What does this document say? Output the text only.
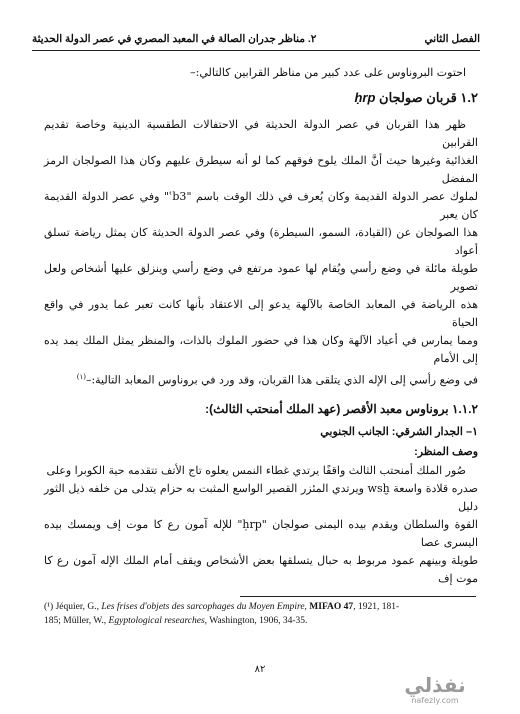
الفصل الثاني
٢. مناظر جدران الصالة في المعبد المصري في عصر الدولة الحديثة
احتوت البروناوس على عدد كبير من مناظر القرابين كالتالي:–
١.٢ قربان صولجان ḥrp
ظهر هذا القربان في عصر الدولة الحديثة في الاحتفالات الطقسية الدينية وخاصة تقديم القرابين
الغذائية وغيرها حيث أنَّ الملك يلوح فوقهم كما لو أنه سيطرق عليهم وكان هذا الصولجان الرمز المفضل
لملوك عصر الدولة القديمة وكان يُعرف في ذلك الوقت باسم "ʿb3" وفي عصر الدولة القديمة كان يعبر
هذا الصولجان عن (القيادة، السمو، السيطرة) وفي عصر الدولة الحديثة كان يمثل رياضة تسلق أعواد
طويلة مائلة في وضع رأسي ويُقام لها عمود مرتفع في وضع رأسي وينزلق عليها أشخاص ولعل تصوير
هذه الرياضة في المعابد الخاصة بالآلهة يدعو إلى الاعتقاد بأنها كانت تعبر عما يدور في واقع الحياة
ومما يمارس في أعياد الآلهة وكان هذا في حضور الملوك بالذات، والمنظر يمثل الملك يمد يده إلى الأمام
في وضع رأسي إلى الإله الذي يتلقى هذا القربان، وقد ورد في بروناوس المعابد التالية:–$^{(١)}$
١.١.٢ بروناوس معبد الأقصر (عهد الملك أمنحتب الثالث):
١– الجدار الشرقي: الجانب الجنوبي
وصف المنظر:
صُور الملك أمنحتب الثالث واقفًا يرتدي غطاء النمس يعلوه تاج الأتف تتقدمه حية الكوبرا وعلى
صدره قلادة واسعة wsḫ ويرتدي المئزر القصير الواسع المثبت به حزام يتدلى من خلفه ذيل الثور دليل
القوة والسلطان ويقدم بيده اليمنى صولجان "ḥrp" للإله آمون رع كا موت إف ويمسك بيده اليسرى عصا
طويلة وبينهم عمود مربوط به حبال يتسلقها بعض الأشخاص ويقف أمام الملك الإله آمون رع كا موت إف
(¹) Jéquier, G., Les frises d'objets des sarcophages du Moyen Empire, MIFAO 47, 1921, 181-
185; Müller, W., Egyptological researches, Washington, 1906, 34-35.
٨٢
نفذلي
nafezly.com
